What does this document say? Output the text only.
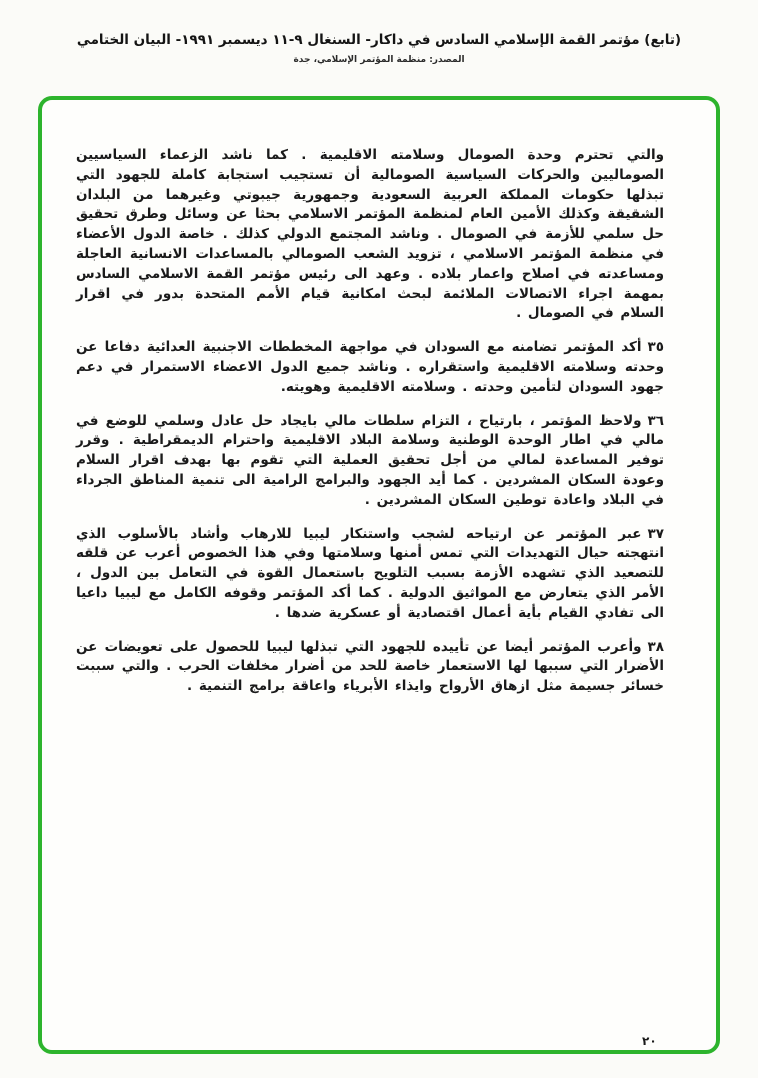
(تابع) مؤتمر القمة الإسلامي السادس في داكار- السنغال ٩-١١ ديسمبر ١٩٩١- البيان الختامي
المصدر: منظمة المؤتمر الإسلامي، جدة
والتي تحترم وحدة الصومال وسلامته الاقليمية . كما ناشد الزعماء السياسيين الصوماليين والحركات السياسية الصومالية أن تستجيب استجابة كاملة للجهود التي تبذلها حكومات المملكة العربية السعودية وجمهورية جيبوتي وغيرهما من البلدان الشقيقة وكذلك الأمين العام لمنظمة المؤتمر الاسلامي بحثا عن وسائل وطرق تحقيق حل سلمي للأزمة في الصومال . وناشد المجتمع الدولي كذلك . خاصة الدول الأعضاء في منظمة المؤتمر الاسلامي ، تزويد الشعب الصومالي بالمساعدات الانسانية العاجلة ومساعدته في اصلاح واعمار بلاده . وعهد الى رئيس مؤتمر القمة الاسلامي السادس بمهمة اجراء الاتصالات الملائمة لبحث امكانية قيام الأمم المتحدة بدور في اقرار السلام في الصومال .
٣٥أكد المؤتمر تضامنه مع السودان في مواجهة المخططات الاجنبية العدائية دفاعا عن وحدته وسلامته الاقليمية واستقراره . وناشد جميع الدول الاعضاء الاستمرار في دعم جهود السودان لتأمين وحدته . وسلامته الاقليمية وهويته.
٣٦ولاحظ المؤتمر ، بارتياح ، التزام سلطات مالي بايجاد حل عادل وسلمي للوضع في مالي في اطار الوحدة الوطنية وسلامة البلاد الاقليمية واحترام الديمقراطية . وقرر توفير المساعدة لمالي من أجل تحقيق العملية التي تقوم بها بهدف اقرار السلام وعودة السكان المشردين . كما أيد الجهود والبرامج الرامية الى تنمية المناطق الجرداء في البلاد واعادة توطين السكان المشردين .
٣٧عبر المؤتمر عن ارتياحه لشجب واستنكار ليبيا للارهاب وأشاد بالأسلوب الذي انتهجته حيال التهديدات التي تمس أمنها وسلامتها وفي هذا الخصوص أعرب عن قلقه للتصعيد الذي تشهده الأزمة بسبب التلويح باستعمال القوة في التعامل بين الدول ، الأمر الذي يتعارض مع المواثيق الدولية . كما أكد المؤتمر وقوفه الكامل مع ليبيا داعيا الى تفادي القيام بأية أعمال اقتصادية أو عسكرية ضدها .
٣٨وأعرب المؤتمر أيضا عن تأييده للجهود التي تبذلها ليبيا للحصول على تعويضات عن الأضرار التي سببها لها الاستعمار خاصة للحد من أضرار مخلفات الحرب . والتي سببت خسائر جسيمة مثل ازهاق الأرواح وايذاء الأبرياء واعاقة برامج التنمية .
٢٠
